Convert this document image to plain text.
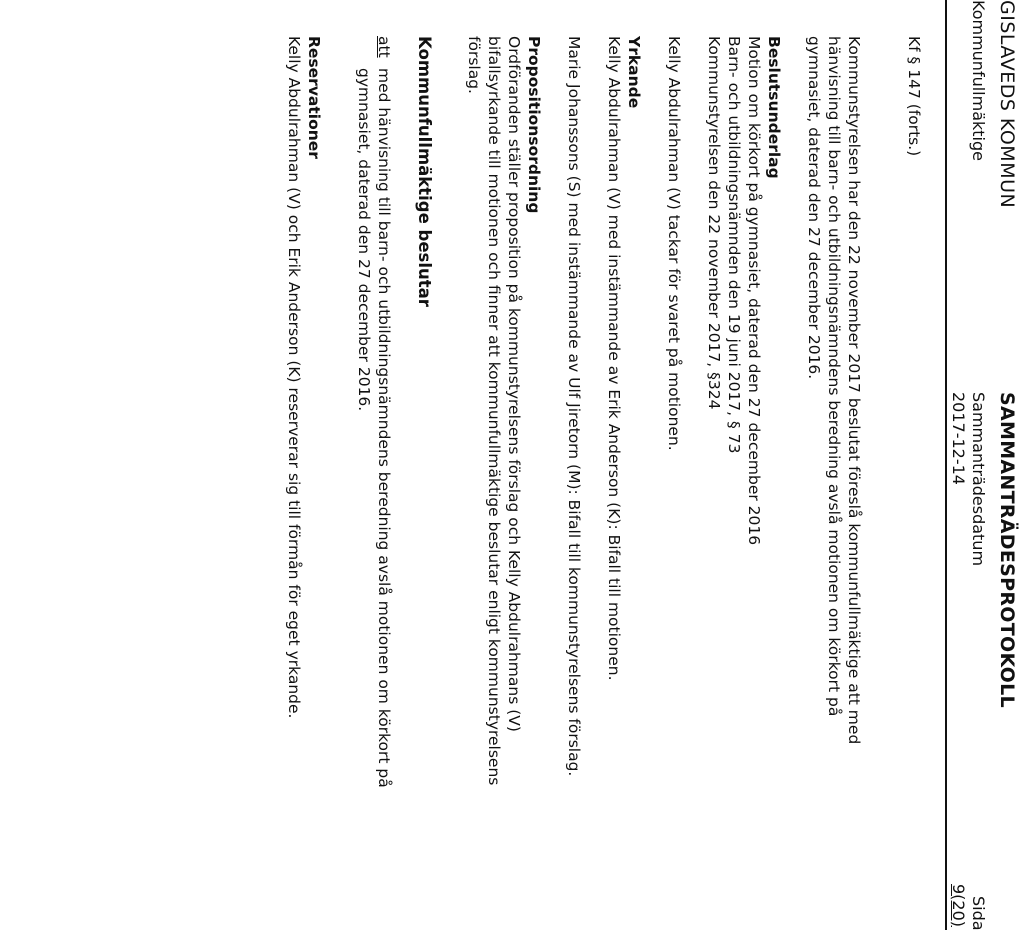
GISLAVEDS KOMMUN
SAMMANTRÄDESPROTOKOLL
Kommunfullmäktige
Sammanträdesdatum
2017-12-14
Sida
9(20)

Kf § 147 (forts.)

Kommunstyrelsen har den 22 november 2017 beslutat föreslå kommunfullmäktige att med hänvisning till barn- och utbildningsnämndens beredning avslå motionen om körkort på gymnasiet, daterad den 27 december 2016.

Beslutsunderlag

Motion om körkort på gymnasiet, daterad den 27 december 2016

Barn- och utbildningsnämnden den 19 juni 2017, § 73

Kommunstyrelsen den 22 november 2017, §324

Kelly Abdulrahman (V) tackar för svaret på motionen.

Yrkande

Kelly Abdulrahman (V) med instämmande av Erik Anderson (K): Bifall till motionen.

Marie Johanssons (S) med instämmande av Ulf Jiretorn (M): Bifall till kommunstyrelsens förslag.

Propositionsordning

Ordföranden ställer proposition på kommunstyrelsens förslag och Kelly Abdulrahmans (V) bifallsyrkande till motionen och finner att kommunfullmäktige beslutar enligt kommunstyrelsens förslag.

Kommunfullmäktige beslutar

att
med hänvisning till barn- och utbildningsnämndens beredning avslå motionen om körkort på gymnasiet, daterad den 27 december 2016.

Reservationer

Kelly Abdulrahman (V) och Erik Anderson (K) reserverar sig till förmån för eget yrkande.
